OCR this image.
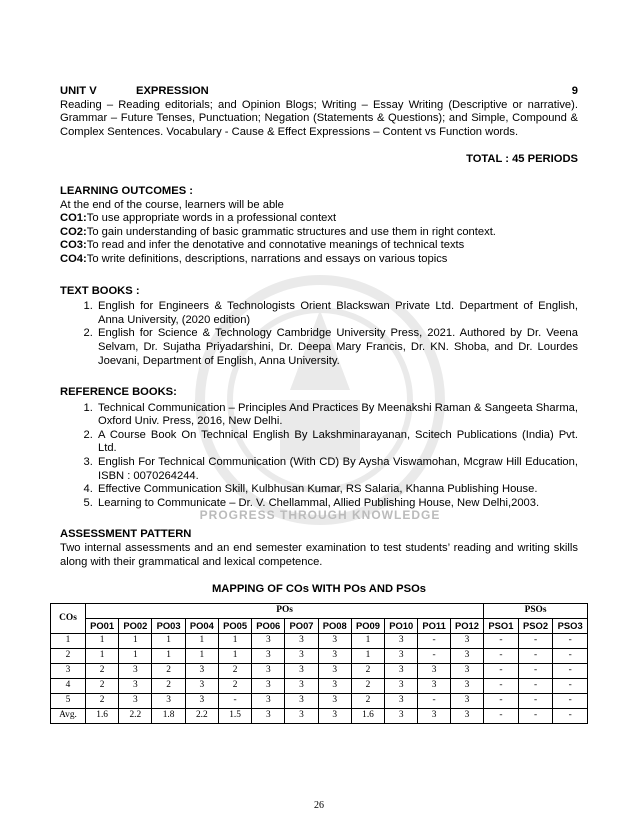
PROGRESS THROUGH KNOWLEDGE
UNIT V	EXPRESSION	9
Reading – Reading editorials; and Opinion Blogs; Writing – Essay Writing (Descriptive or narrative). Grammar – Future Tenses, Punctuation; Negation (Statements & Questions); and Simple, Compound & Complex Sentences. Vocabulary - Cause & Effect Expressions – Content vs Function words.
TOTAL : 45 PERIODS
LEARNING OUTCOMES :
At the end of the course, learners will be able
CO1:To use appropriate words in a professional context
CO2:To gain understanding of basic grammatic structures and use them in right context.
CO3:To read and infer the denotative and connotative meanings of technical texts
CO4:To write definitions, descriptions, narrations and essays on various topics
TEXT BOOKS :
1. English for Engineers & Technologists Orient Blackswan Private Ltd. Department of English, Anna University, (2020 edition)
2. English for Science & Technology Cambridge University Press, 2021. Authored by Dr. Veena Selvam, Dr. Sujatha Priyadarshini, Dr. Deepa Mary Francis, Dr. KN. Shoba, and Dr. Lourdes Joevani, Department of English, Anna University.
REFERENCE BOOKS:
1. Technical Communication – Principles And Practices By Meenakshi Raman & Sangeeta Sharma, Oxford Univ. Press, 2016, New Delhi.
2. A Course Book On Technical English By Lakshminarayanan, Scitech Publications (India) Pvt. Ltd.
3. English For Technical Communication (With CD) By Aysha Viswamohan, Mcgraw Hill Education, ISBN : 0070264244.
4. Effective Communication Skill, Kulbhusan Kumar, RS Salaria, Khanna Publishing House.
5. Learning to Communicate – Dr. V. Chellammal, Allied Publishing House, New Delhi,2003.
ASSESSMENT PATTERN

Two internal assessments and an end semester examination to test students’ reading and writing skills along with their grammatical and lexical competence.

MAPPING OF COs WITH POs AND PSOs
COs	POs												PSOs		
	PO01	PO02	PO03	PO04	PO05	PO06	PO07	PO08	PO09	PO10	PO11	PO12	PSO1	PSO2	PSO3
1	1	1	1	1	1	3	3	3	1	3	-	3	-	-	-
2	1	1	1	1	1	3	3	3	1	3	-	3	-	-	-
3	2	3	2	3	2	3	3	3	2	3	3	3	-	-	-
4	2	3	2	3	2	3	3	3	2	3	3	3	-	-	-
5	2	3	3	3	-	3	3	3	2	3	-	3	-	-	-
Avg.	1.6	2.2	1.8	2.2	1.5	3	3	3	1.6	3	3	3	-	-	-
26
